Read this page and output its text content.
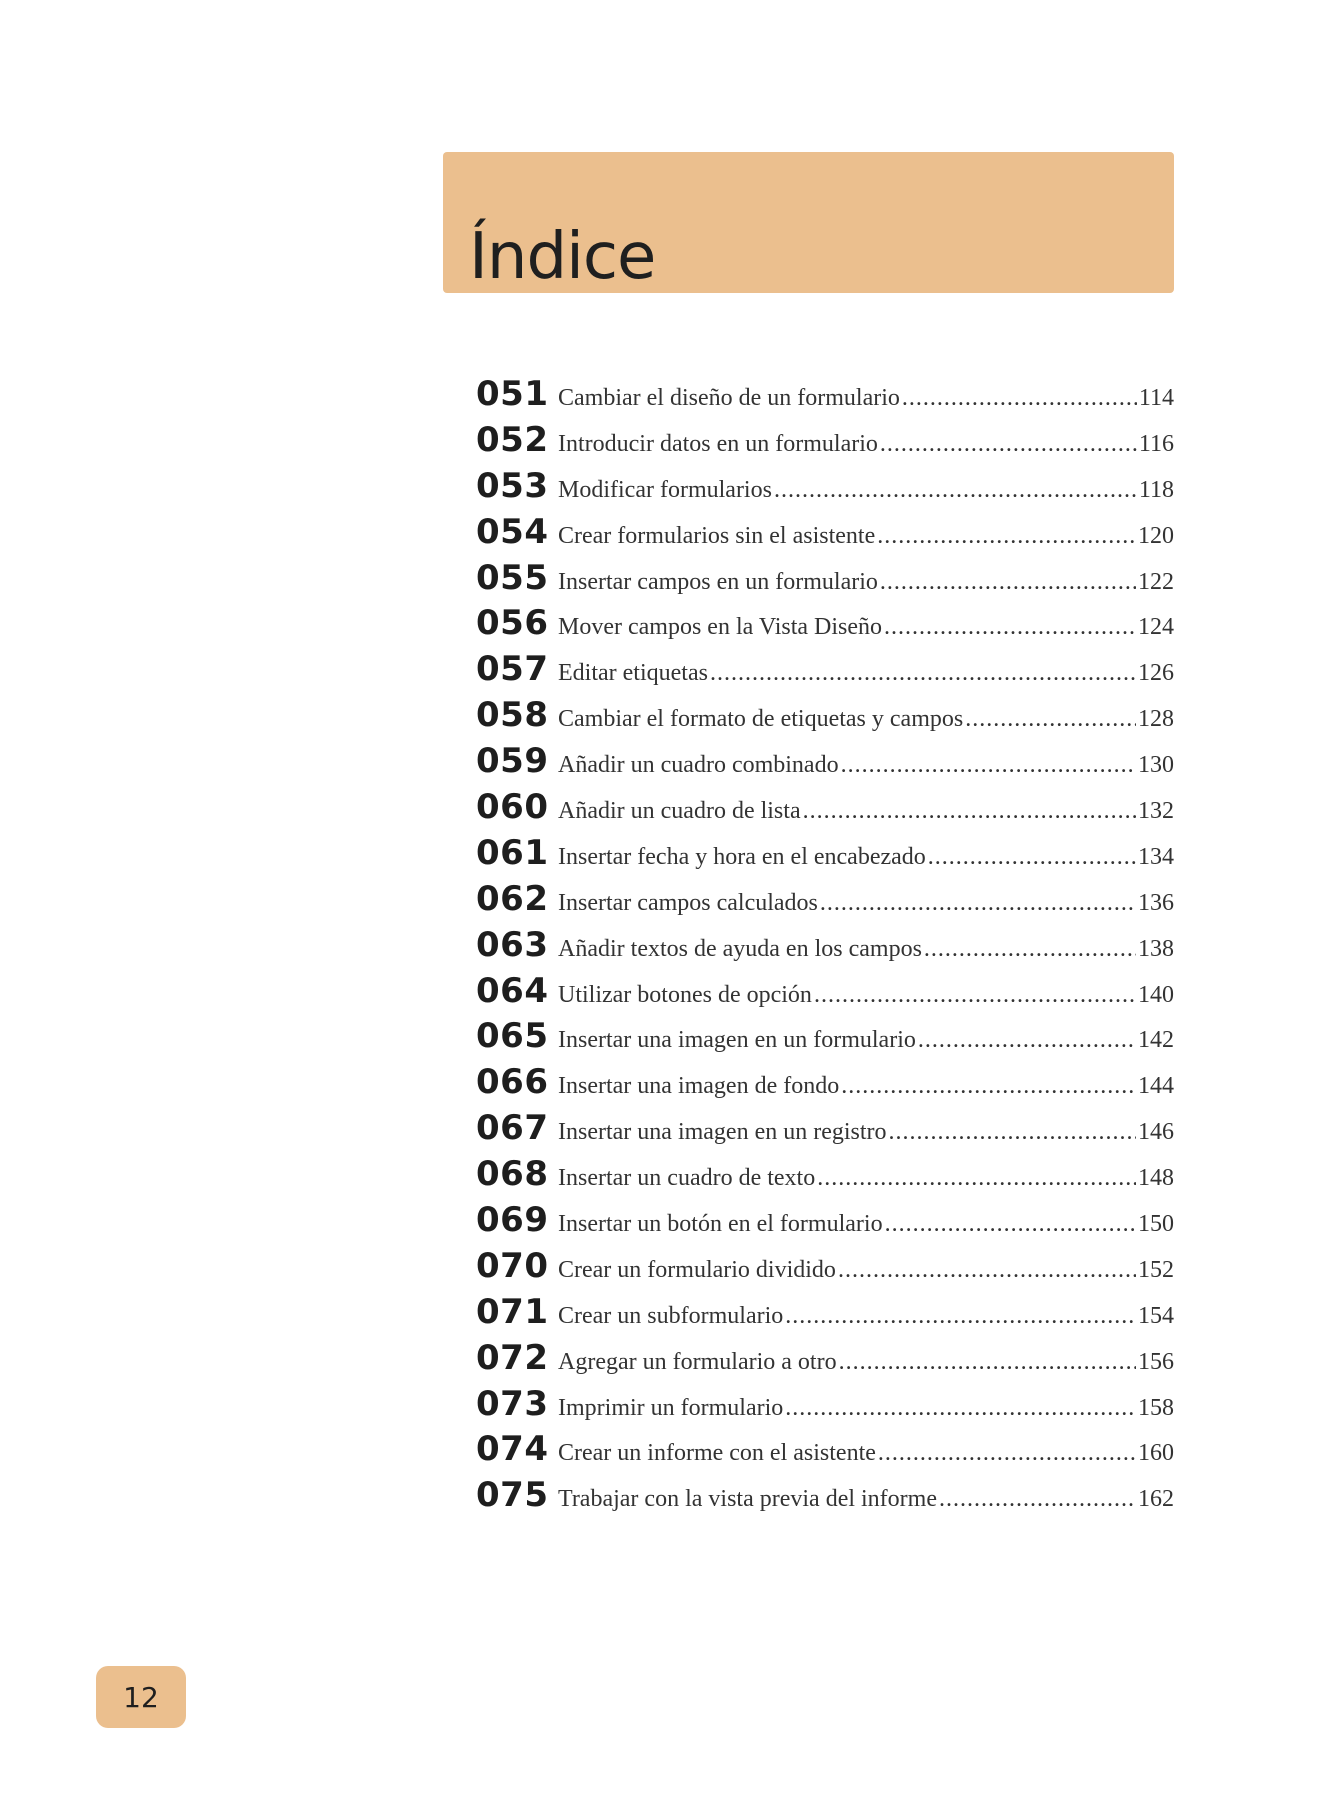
Índice
051 Cambiar el diseño de un formulario .....	114
052 Introducir datos en un formulario .....	116
053 Modificar formularios .....	118
054 Crear formularios sin el asistente .....	120
055 Insertar campos en un formulario .....	122
056 Mover campos en la Vista Diseño .....	124
057 Editar etiquetas .....	126
058 Cambiar el formato de etiquetas y campos .....	128
059 Añadir un cuadro combinado .....	130
060 Añadir un cuadro de lista .....	132
061 Insertar fecha y hora en el encabezado .....	134
062 Insertar campos calculados .....	136
063 Añadir textos de ayuda en los campos .....	138
064 Utilizar botones de opción .....	140
065 Insertar una imagen en un formulario .....	142
066 Insertar una imagen de fondo .....	144
067 Insertar una imagen en un registro .....	146
068 Insertar un cuadro de texto .....	148
069 Insertar un botón en el formulario .....	150
070 Crear un formulario dividido .....	152
071 Crear un subformulario .....	154
072 Agregar un formulario a otro .....	156
073 Imprimir un formulario .....	158
074 Crear un informe con el asistente .....	160
075 Trabajar con la vista previa del informe .....	162
12
